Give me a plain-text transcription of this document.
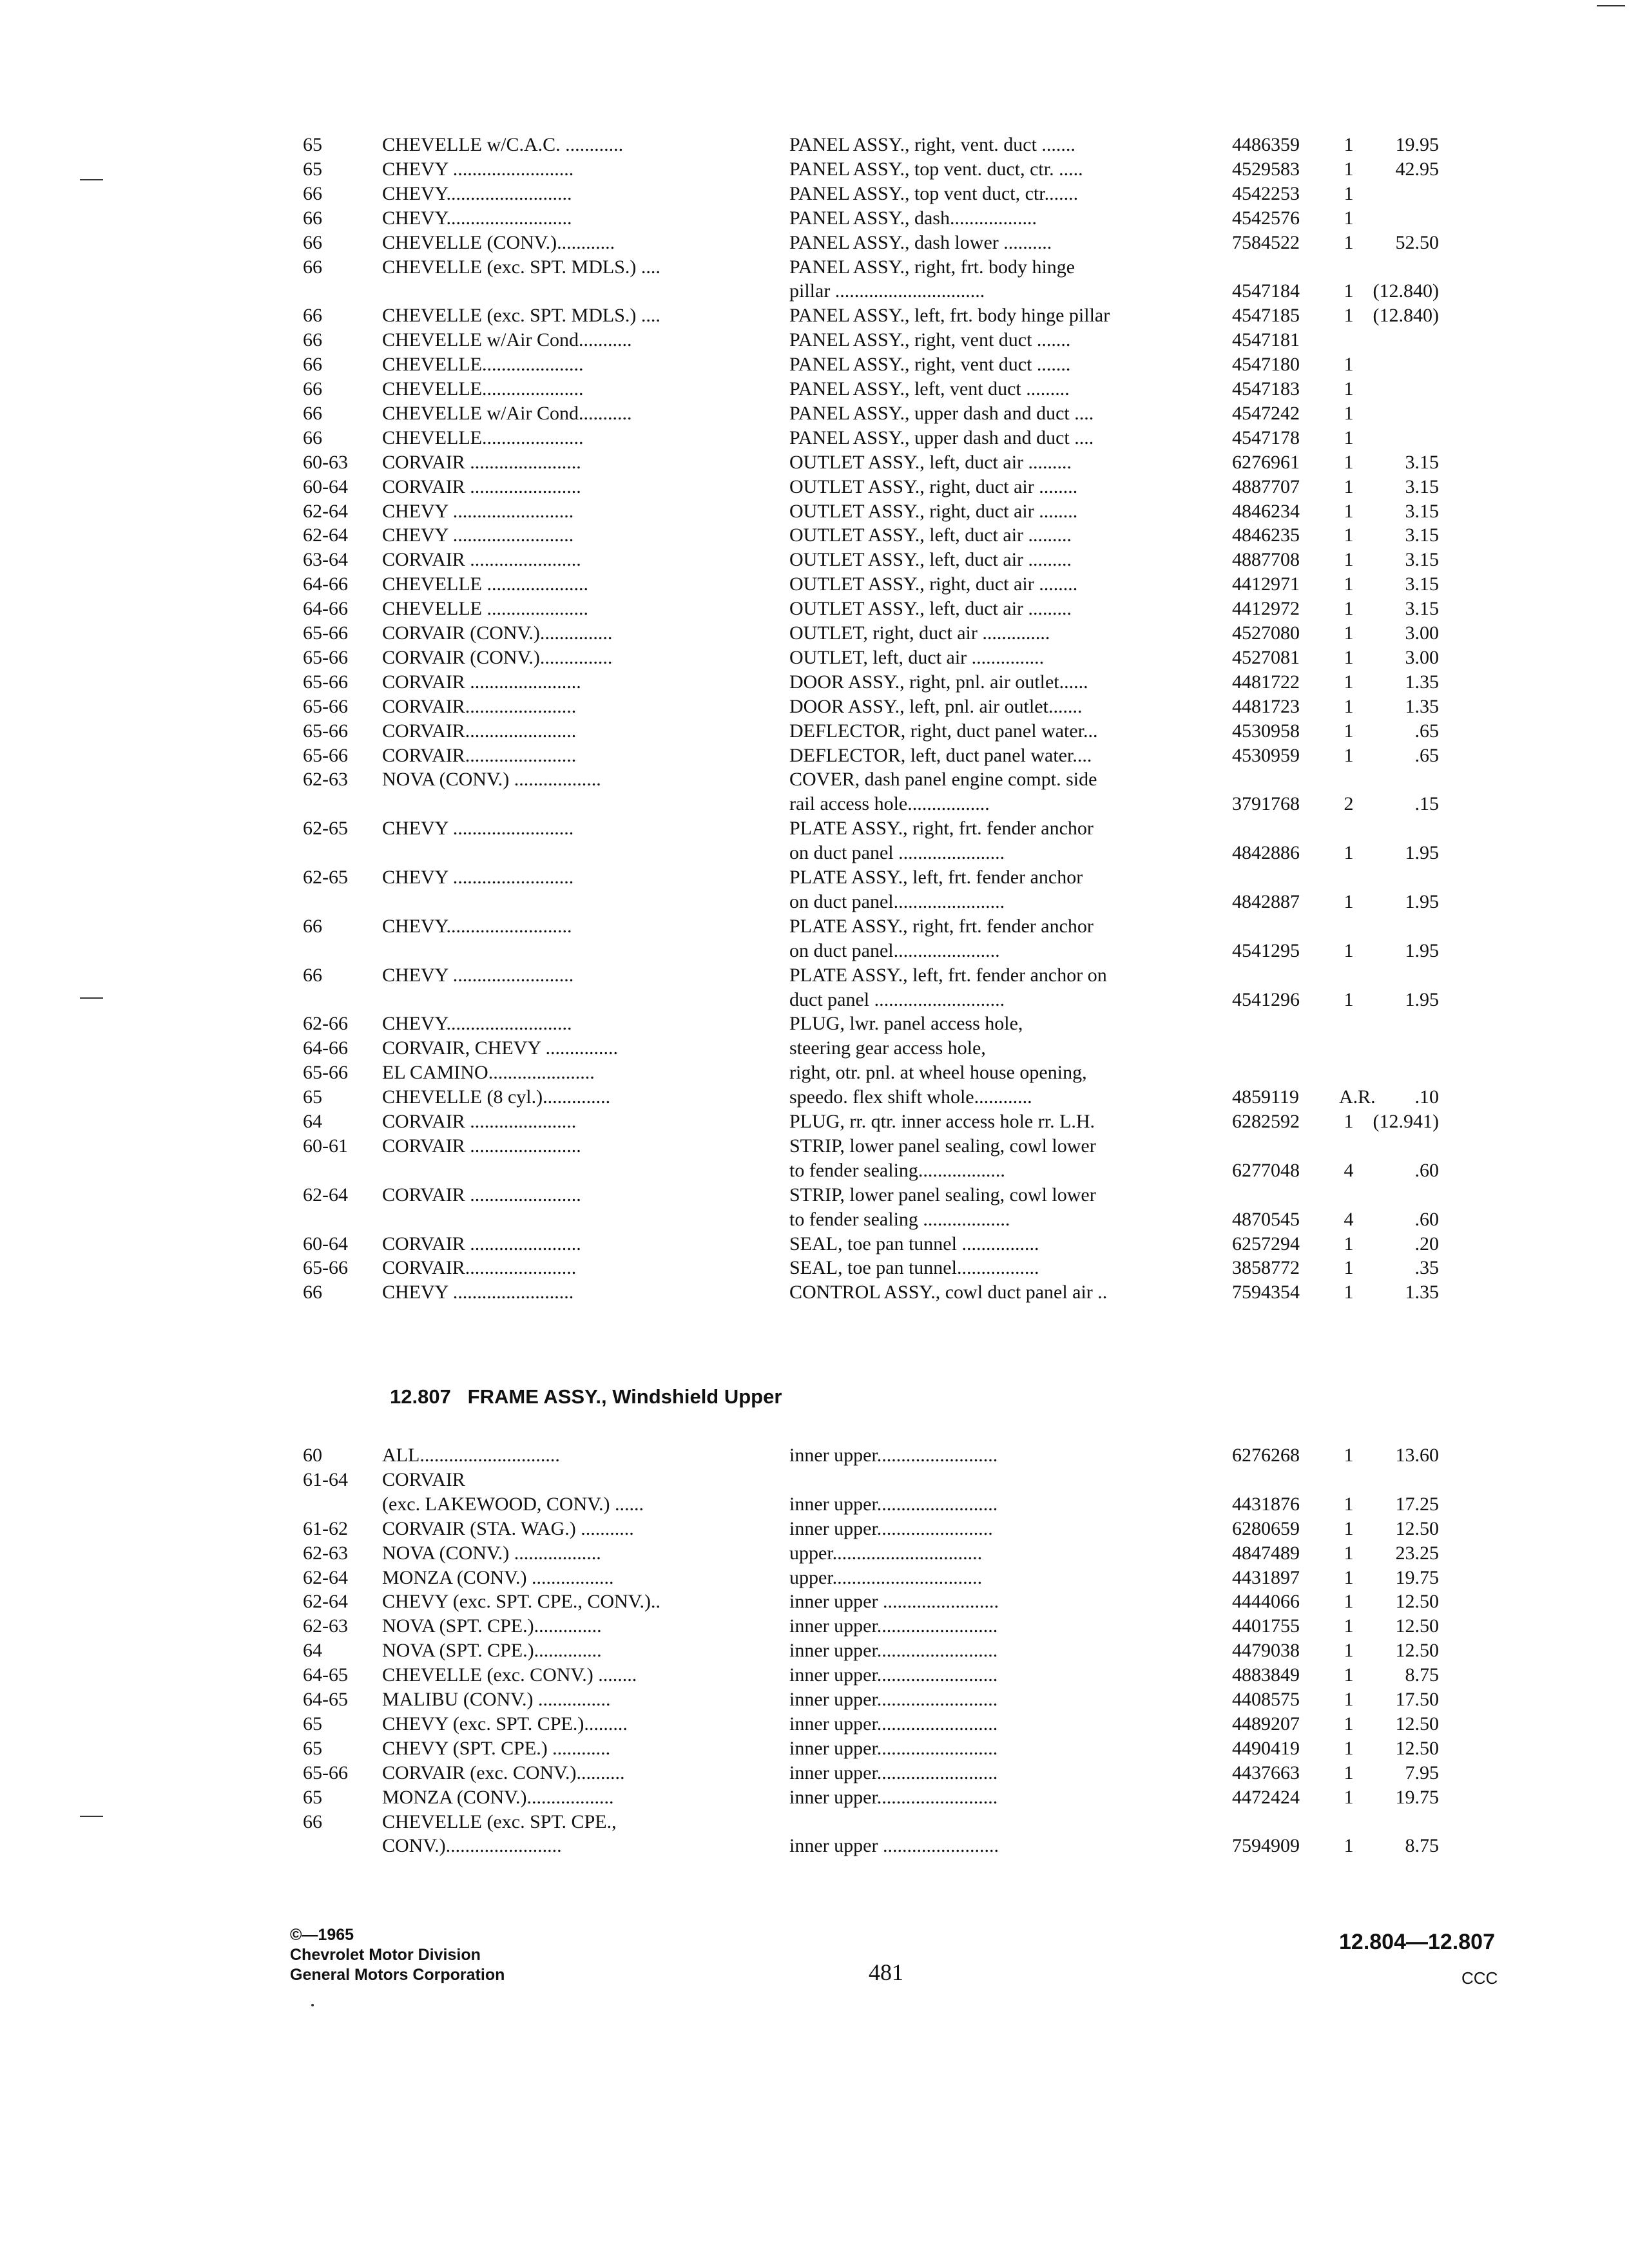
65	CHEVELLE w/C.A.C. ............	PANEL ASSY., right, vent. duct .......	4486359 1	19.95
65	CHEVY .........................	PANEL ASSY., top vent. duct, ctr. .....	4529583 1	42.95
66	CHEVY..........................	PANEL ASSY., top vent duct, ctr.......	4542253 1
66	CHEVY..........................	PANEL ASSY., dash..................	4542576 1
66	CHEVELLE (CONV.)............	PANEL ASSY., dash lower ..........	7584522 1	52.50
66	CHEVELLE (exc. SPT. MDLS.) ....	PANEL ASSY., right, frt. body hinge
pillar ...............................	4547184 1	(12.840)
66	CHEVELLE (exc. SPT. MDLS.) ....	PANEL ASSY., left, frt. body hinge pillar	4547185 1	(12.840)
66	CHEVELLE w/Air Cond...........	PANEL ASSY., right, vent duct .......	4547181
66	CHEVELLE.....................	PANEL ASSY., right, vent duct .......	4547180 1
66	CHEVELLE.....................	PANEL ASSY., left, vent duct .........	4547183 1
66	CHEVELLE w/Air Cond...........	PANEL ASSY., upper dash and duct ....	4547242 1
66	CHEVELLE.....................	PANEL ASSY., upper dash and duct ....	4547178 1
60-63 CORVAIR .......................	OUTLET ASSY., left, duct air .........	6276961 1	3.15
60-64 CORVAIR .......................	OUTLET ASSY., right, duct air ........	4887707 1	3.15
62-64 CHEVY .........................	OUTLET ASSY., right, duct air ........	4846234 1	3.15
62-64 CHEVY .........................	OUTLET ASSY., left, duct air .........	4846235 1	3.15
63-64 CORVAIR .......................	OUTLET ASSY., left, duct air .........	4887708 1	3.15
64-66 CHEVELLE .....................	OUTLET ASSY., right, duct air ........	4412971 1	3.15
64-66 CHEVELLE .....................	OUTLET ASSY., left, duct air .........	4412972 1	3.15
65-66 CORVAIR (CONV.)...............	OUTLET, right, duct air ..............	4527080 1	3.00
65-66 CORVAIR (CONV.)...............	OUTLET, left, duct air ...............	4527081 1	3.00
65-66 CORVAIR .......................	DOOR ASSY., right, pnl. air outlet......	4481722 1	1.35
65-66 CORVAIR.......................	DOOR ASSY., left, pnl. air outlet.......	4481723 1	1.35
65-66 CORVAIR.......................	DEFLECTOR, right, duct panel water...	4530958 1	.65
65-66 CORVAIR.......................	DEFLECTOR, left, duct panel water....	4530959 1	.65
62-63 NOVA (CONV.) ..................	COVER, dash panel engine compt. side
rail access hole.................	3791768 2	.15
62-65 CHEVY .........................	PLATE ASSY., right, frt. fender anchor
on duct panel ......................	4842886 1	1.95
62-65 CHEVY .........................	PLATE ASSY., left, frt. fender anchor
on duct panel.......................	4842887 1	1.95
66	CHEVY..........................	PLATE ASSY., right, frt. fender anchor
on duct panel......................	4541295 1	1.95
66	CHEVY .........................	PLATE ASSY., left, frt. fender anchor on
duct panel ...........................	4541296 1	1.95
62-66 CHEVY..........................	PLUG, lwr. panel access hole,
64-66 CORVAIR, CHEVY ...............	steering gear access hole,
65-66 EL CAMINO......................	right, otr. pnl. at wheel house opening,
65	CHEVELLE (8 cyl.)..............	speedo. flex shift whole............	4859119 A.R.	.10
64	CORVAIR ......................	PLUG, rr. qtr. inner access hole rr. L.H.	6282592 1	(12.941)
60-61 CORVAIR .......................	STRIP, lower panel sealing, cowl lower
to fender sealing..................	6277048 4	.60
62-64 CORVAIR .......................	STRIP, lower panel sealing, cowl lower
to fender sealing ..................	4870545 4	.60
60-64 CORVAIR .......................	SEAL, toe pan tunnel ................	6257294 1	.20
65-66 CORVAIR.......................	SEAL, toe pan tunnel.................	3858772 1	.35
66	CHEVY .........................	CONTROL ASSY., cowl duct panel air ..	7594354 1	1.35
12.807 FRAME ASSY., Windshield Upper
60	ALL.............................	inner upper.........................	6276268 1	13.60
61-64 CORVAIR
(exc. LAKEWOOD, CONV.) ......	inner upper.........................	4431876 1	17.25
61-62 CORVAIR (STA. WAG.) ...........	inner upper........................	6280659 1	12.50
62-63 NOVA (CONV.) ..................	upper...............................	4847489 1	23.25
62-64 MONZA (CONV.) .................	upper...............................	4431897 1	19.75
62-64 CHEVY (exc. SPT. CPE., CONV.)..	inner upper ........................	4444066 1	12.50
62-63 NOVA (SPT. CPE.)..............	inner upper.........................	4401755 1	12.50
64	NOVA (SPT. CPE.)..............	inner upper.........................	4479038 1	12.50
64-65 CHEVELLE (exc. CONV.) ........	inner upper.........................	4883849 1	8.75
64-65 MALIBU (CONV.) ...............	inner upper.........................	4408575 1	17.50
65	CHEVY (exc. SPT. CPE.).........	inner upper.........................	4489207 1	12.50
65	CHEVY (SPT. CPE.) ............	inner upper.........................	4490419 1	12.50
65-66 CORVAIR (exc. CONV.)..........	inner upper.........................	4437663 1	7.95
65	MONZA (CONV.)..................	inner upper.........................	4472424 1	19.75
66	CHEVELLE (exc. SPT. CPE.,
CONV.)........................	inner upper ........................	7594909 1	8.75
©—1965
Chevrolet Motor Division
General Motors Corporation	481
12.804—12.807
CCC
